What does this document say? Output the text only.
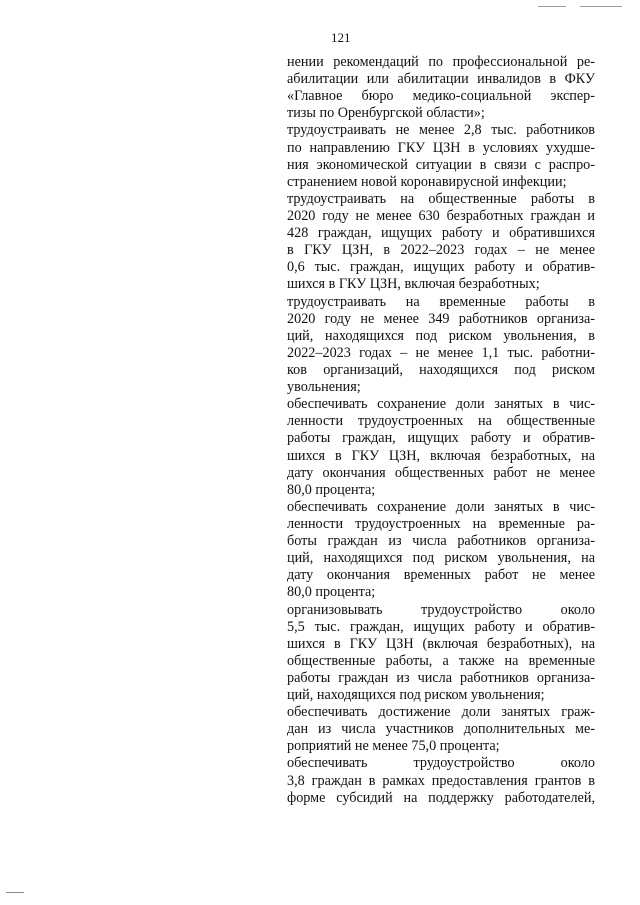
121
нении рекомендаций по профессиональной ре-
абилитации или абилитации инвалидов в ФКУ
«Главное бюро медико-социальной экспер-
тизы по Оренбургской области»;
трудоустраивать не менее 2,8 тыс. работников
по направлению ГКУ ЦЗН в условиях ухудше-
ния экономической ситуации в связи с распро-
странением новой коронавирусной инфекции;
трудоустраивать на общественные работы в
2020 году не менее 630 безработных граждан и
428 граждан, ищущих работу и обратившихся
в ГКУ ЦЗН, в 2022–2023 годах – не менее
0,6 тыс. граждан, ищущих работу и обратив-
шихся в ГКУ ЦЗН, включая безработных;
трудоустраивать на временные работы в
2020 году не менее 349 работников организа-
ций, находящихся под риском увольнения, в
2022–2023 годах – не менее 1,1 тыс. работни-
ков организаций, находящихся под риском
увольнения;
обеспечивать сохранение доли занятых в чис-
ленности трудоустроенных на общественные
работы граждан, ищущих работу и обратив-
шихся в ГКУ ЦЗН, включая безработных, на
дату окончания общественных работ не менее
80,0 процента;
обеспечивать сохранение доли занятых в чис-
ленности трудоустроенных на временные ра-
боты граждан из числа работников организа-
ций, находящихся под риском увольнения, на
дату окончания временных работ не менее
80,0 процента;
организовывать трудоустройство около
5,5 тыс. граждан, ищущих работу и обратив-
шихся в ГКУ ЦЗН (включая безработных), на
общественные работы, а также на временные
работы граждан из числа работников организа-
ций, находящихся под риском увольнения;
обеспечивать достижение доли занятых граж-
дан из числа участников дополнительных ме-
роприятий не менее 75,0 процента;
обеспечивать трудоустройство около
3,8 граждан в рамках предоставления грантов в
форме субсидий на поддержку работодателей,
